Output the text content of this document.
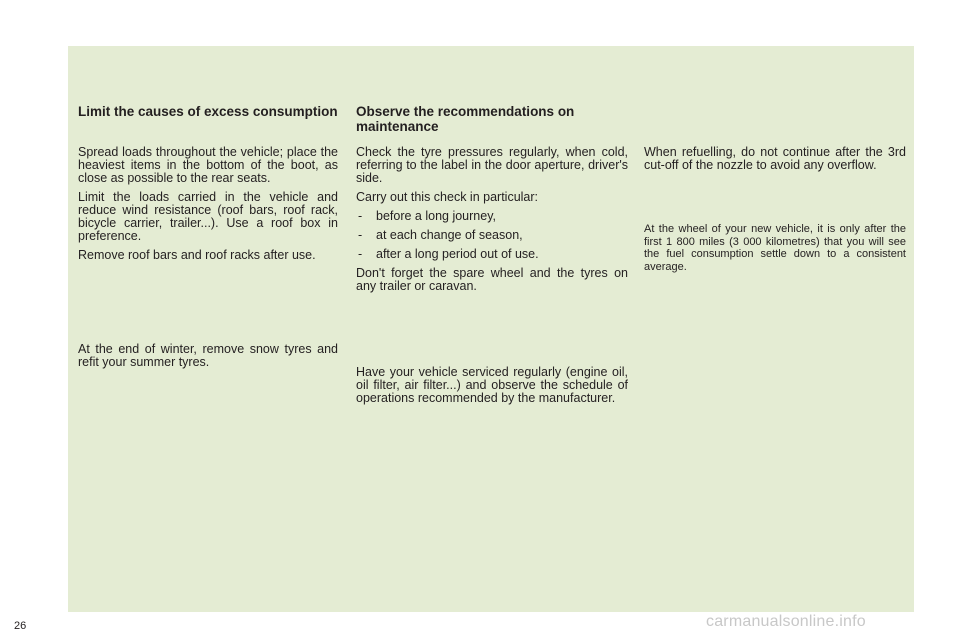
Limit the causes of excess consumption

Spread loads throughout the vehicle; place the heaviest items in the bottom of the boot, as close as possible to the rear seats.

Limit the loads carried in the vehicle and reduce wind resistance (roof bars, roof rack, bicycle carrier, trailer...). Use a roof box in preference.

Remove roof bars and roof racks after use.

At the end of winter, remove snow tyres and refit your summer tyres.

Observe the recommendations on maintenance

Check the tyre pressures regularly, when cold, referring to the label in the door aperture, driver's side.

Carry out this check in particular:

- before a long journey,
- at each change of season,
- after a long period out of use.

Don't forget the spare wheel and the tyres on any trailer or caravan.

Have your vehicle serviced regularly (engine oil, oil filter, air filter...) and observe the schedule of operations recommended by the manufacturer.

When refuelling, do not continue after the 3rd cut-off of the nozzle to avoid any overflow.

At the wheel of your new vehicle, it is only after the first 1 800 miles (3 000 kilometres) that you will see the fuel consumption settle down to a consistent average.

26	carmanualsonline.info
